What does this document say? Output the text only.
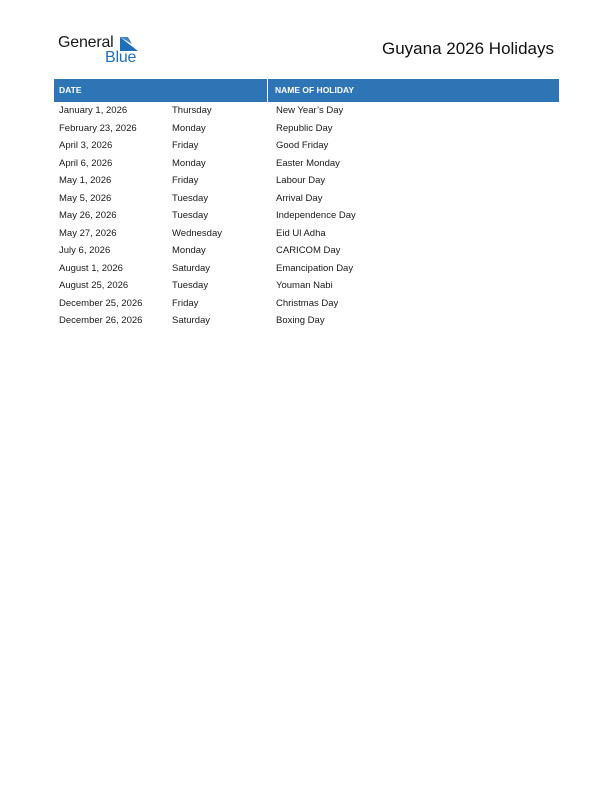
General
Blue	Guyana 2026 Holidays
DATE	NAME OF HOLIDAY
January 1, 2026	Thursday	New Year’s Day
February 23, 2026	Monday	Republic Day
April 3, 2026	Friday	Good Friday
April 6, 2026	Monday	Easter Monday
May 1, 2026	Friday	Labour Day
May 5, 2026	Tuesday	Arrival Day
May 26, 2026	Tuesday	Independence Day
May 27, 2026	Wednesday	Eid Ul Adha
July 6, 2026	Monday	CARICOM Day
August 1, 2026	Saturday	Emancipation Day
August 25, 2026	Tuesday	Youman Nabi
December 25, 2026	Friday	Christmas Day
December 26, 2026	Saturday	Boxing Day
